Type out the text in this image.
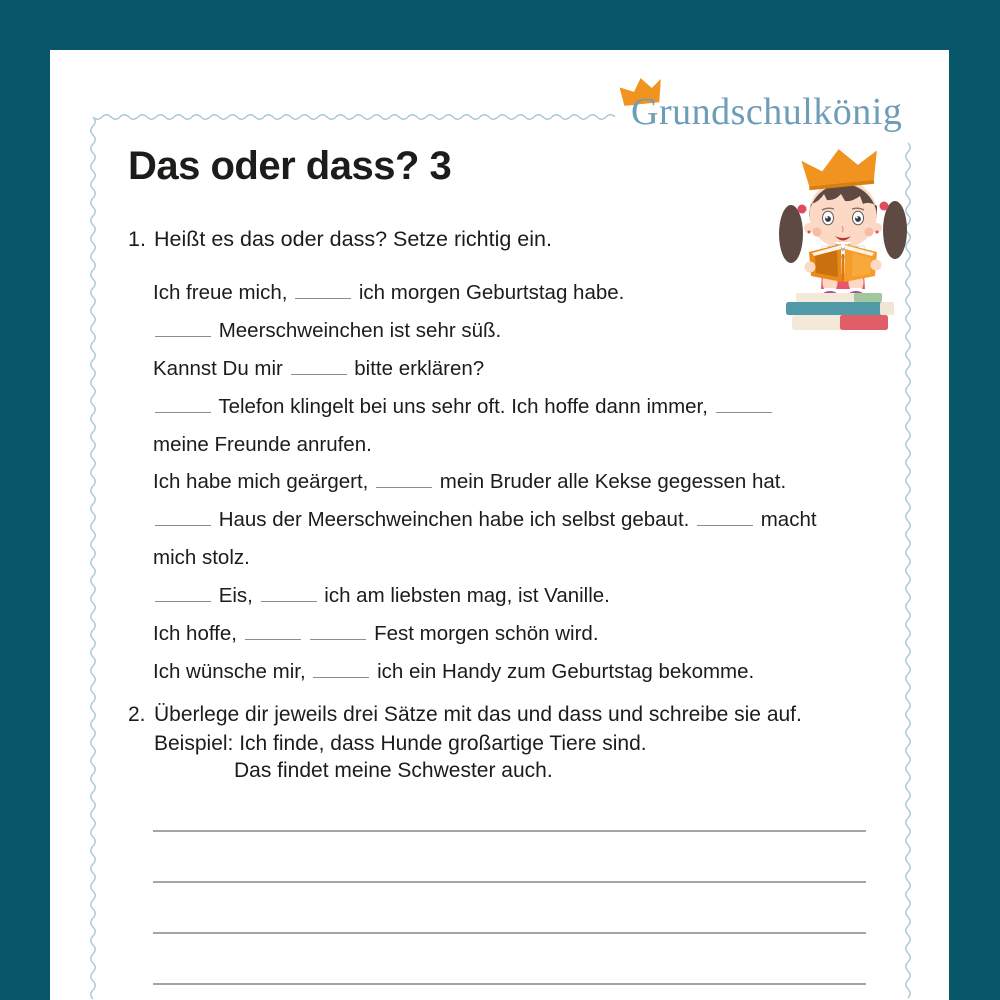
Grundschulkönig
Das oder dass? 3
1. Heißt es das oder dass? Setze richtig ein.
Ich freue mich,	ich morgen Geburtstag habe.
Meerschweinchen ist sehr süß.
Kannst Du mir	bitte erklären?
Telefon klingelt bei uns sehr oft. Ich hoffe dann immer,
meine Freunde anrufen.
Ich habe mich geärgert,	mein Bruder alle Kekse gegessen hat.
Haus der Meerschweinchen habe ich selbst gebaut.	macht
mich stolz.
Eis,	ich am liebsten mag, ist Vanille.
Ich hoffe,	Fest morgen schön wird.
Ich wünsche mir,	ich ein Handy zum Geburtstag bekomme.
2. Überlege dir jeweils drei Sätze mit das und dass und schreibe sie auf.
Beispiel: Ich finde, dass Hunde großartige Tiere sind.
Das findet meine Schwester auch.
